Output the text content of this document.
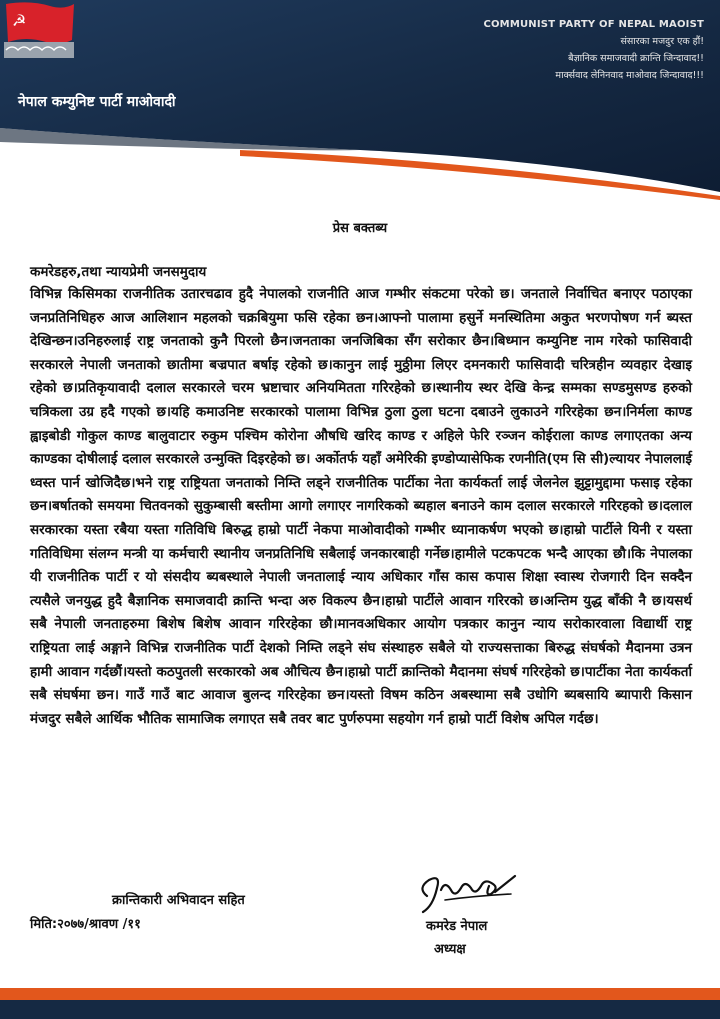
☭
नेपाल कम्युनिष्ट पार्टी माओवादी
COMMUNIST PARTY OF NEPAL MAOIST
संसारका मजदुर एक हौं!
बैज्ञानिक समाजवादी क्रान्ति जिन्दावाद!!
मार्क्सवाद लेनिनवाद माओवाद जिन्दावाद!!!
प्रेस बक्तब्य
कमरेडहरु,तथा न्यायप्रेमी जनसमुदाय
विभिन्न किसिमका राजनीतिक उतारचढाव हुदै नेपालको राजनीति आज गम्भीर संकटमा परेको छ। जनताले निर्वाचित बनाएर पठाएका जनप्रतिनिधिहरु आज आलिशान महलको चक्रबियुमा फसि रहेका छन।आफ्नो पालामा हसुर्ने मनस्थितिमा अकुत भरणपोषण गर्न ब्यस्त देखिन्छन।उनिहरुलाई राष्ट्र जनताको कुनै पिरलो छैन।जनताका जनजिबिका सँग सरोकार छैन।बिध्मान कम्युनिष्ट नाम गरेको फासिवादी सरकारले नेपाली जनताको छातीमा बज्रपात बर्षाइ रहेको छ।कानुन लाई मुठ्ठीमा लिएर दमनकारी फासिवादी चरित्रहीन व्यवहार देखाइ रहेको छ।प्रतिकृयावादी दलाल सरकारले चरम भ्रष्टाचार अनियमितता गरिरहेको छ।स्थानीय स्थर देखि केन्द्र सम्मका सण्डमुसण्ड हरुको चत्रिकला उग्र हदै गएको छ।यहि कमाउनिष्ट सरकारको पालामा विभिन्न ठुला ठुला घटना दबाउने लुकाउने गरिरहेका छन।निर्मला काण्ड ह्वाइबोडी गोकुल काण्ड बालुवाटार रुकुम पश्चिम कोरोना औषधि खरिद काण्ड र अहिले फेरि रञ्जन कोईराला काण्ड लगाएतका अन्य काण्डका दोषीलाई दलाल सरकारले उन्मुक्ति दिइरहेको छ। अर्कोतर्फ यहाँ अमेरिकी इण्डोप्यासेफिक रणनीति(एम सि सी)ल्यायर नेपाललाई ध्वस्त पार्न खोजिदैछ।भने राष्ट्र राष्ट्रियता जनताको निम्ति लड्ने राजनीतिक पार्टीका नेता कार्यकर्ता लाई जेलनेल झुट्टामुद्दामा फसाइ रहेका छन।बर्षातको समयमा चितवनको सुकुम्बासी बस्तीमा आगो लगाएर नागरिकको ब्यहाल बनाउने काम दलाल सरकारले गरिरहको छ।दलाल सरकारका यस्ता रबैया यस्ता गतिविधि बिरुद्ध हाम्रो पार्टी नेकपा माओवादीको गम्भीर ध्यानाकर्षण भएको छ।हाम्रो पार्टीले यिनी र यस्ता गतिविधिमा संलग्न मन्त्री या कर्मचारी स्थानीय जनप्रतिनिधि सबैलाई जनकारबाही गर्नेछ।हामीले पटकपटक भन्दै आएका छौ।कि नेपालका यी राजनीतिक पार्टी र यो संसदीय ब्यबस्थाले नेपाली जनतालाई न्याय अधिकार गाँस कास कपास शिक्षा स्वास्थ रोजगारी दिन सक्दैन त्यसैले जनयुद्ध हुदै बैज्ञानिक समाजवादी क्रान्ति भन्दा अरु विकल्प छैन।हाम्रो पार्टीले आवान गरिरको छ।अन्तिम युद्ध बाँकी नै छ।यसर्थ सबै नेपाली जनताहरुमा बिशेष बिशेष आवान गरिरहेका छौ।मानवअधिकार आयोग पत्रकार कानुन न्याय सरोकारवाला विद्यार्थी राष्ट्र राष्ट्रियता लाई अङ्गाने विभिन्न राजनीतिक पार्टी देशको निम्ति लड्ने संघ संस्थाहरु सबैले यो राज्यसत्ताका बिरुद्ध संघर्षको मैदानमा उत्रन हामी आवान गर्दछौं।यस्तो कठपुतली सरकारको अब औचित्य छैन।हाम्रो पार्टी क्रान्तिको मैदानमा संघर्ष गरिरहेको छ।पार्टीका नेता कार्यकर्ता सबै संघर्षमा छन। गाउँ गाउँ बाट आवाज बुलन्द गरिरहेका छन।यस्तो विषम कठिन अबस्थामा सबै उधोगि ब्यबसायि ब्यापारी किसान मंजदुर सबैले आर्थिक भौतिक सामाजिक लगाएत सबै तवर बाट पुर्णरुपमा सहयोग गर्न हाम्रो पार्टी विशेष अपिल गर्दछ।
क्रान्तिकारी अभिवादन सहित
मिति:२०७७/श्रावण /११	कमरेड नेपाल
अध्यक्ष
